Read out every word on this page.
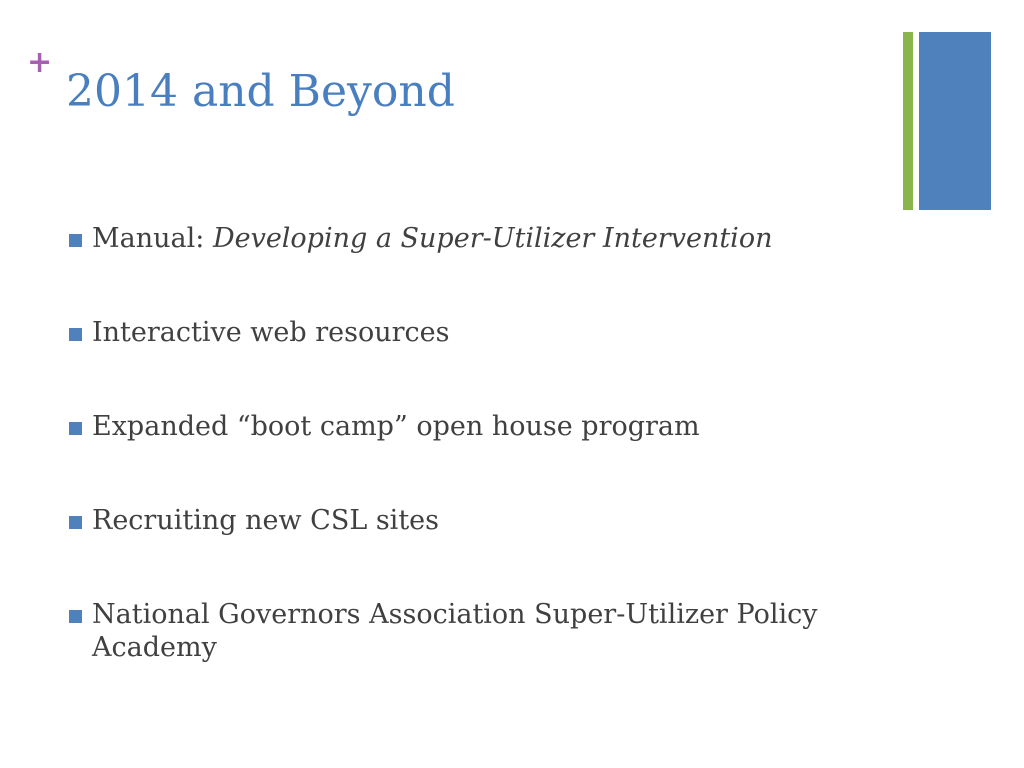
+
2014 and Beyond
Manual: Developing a Super-Utilizer Intervention
Interactive web resources
Expanded “boot camp” open house program
Recruiting new CSL sites
National Governors Association Super-Utilizer Policy Academy
